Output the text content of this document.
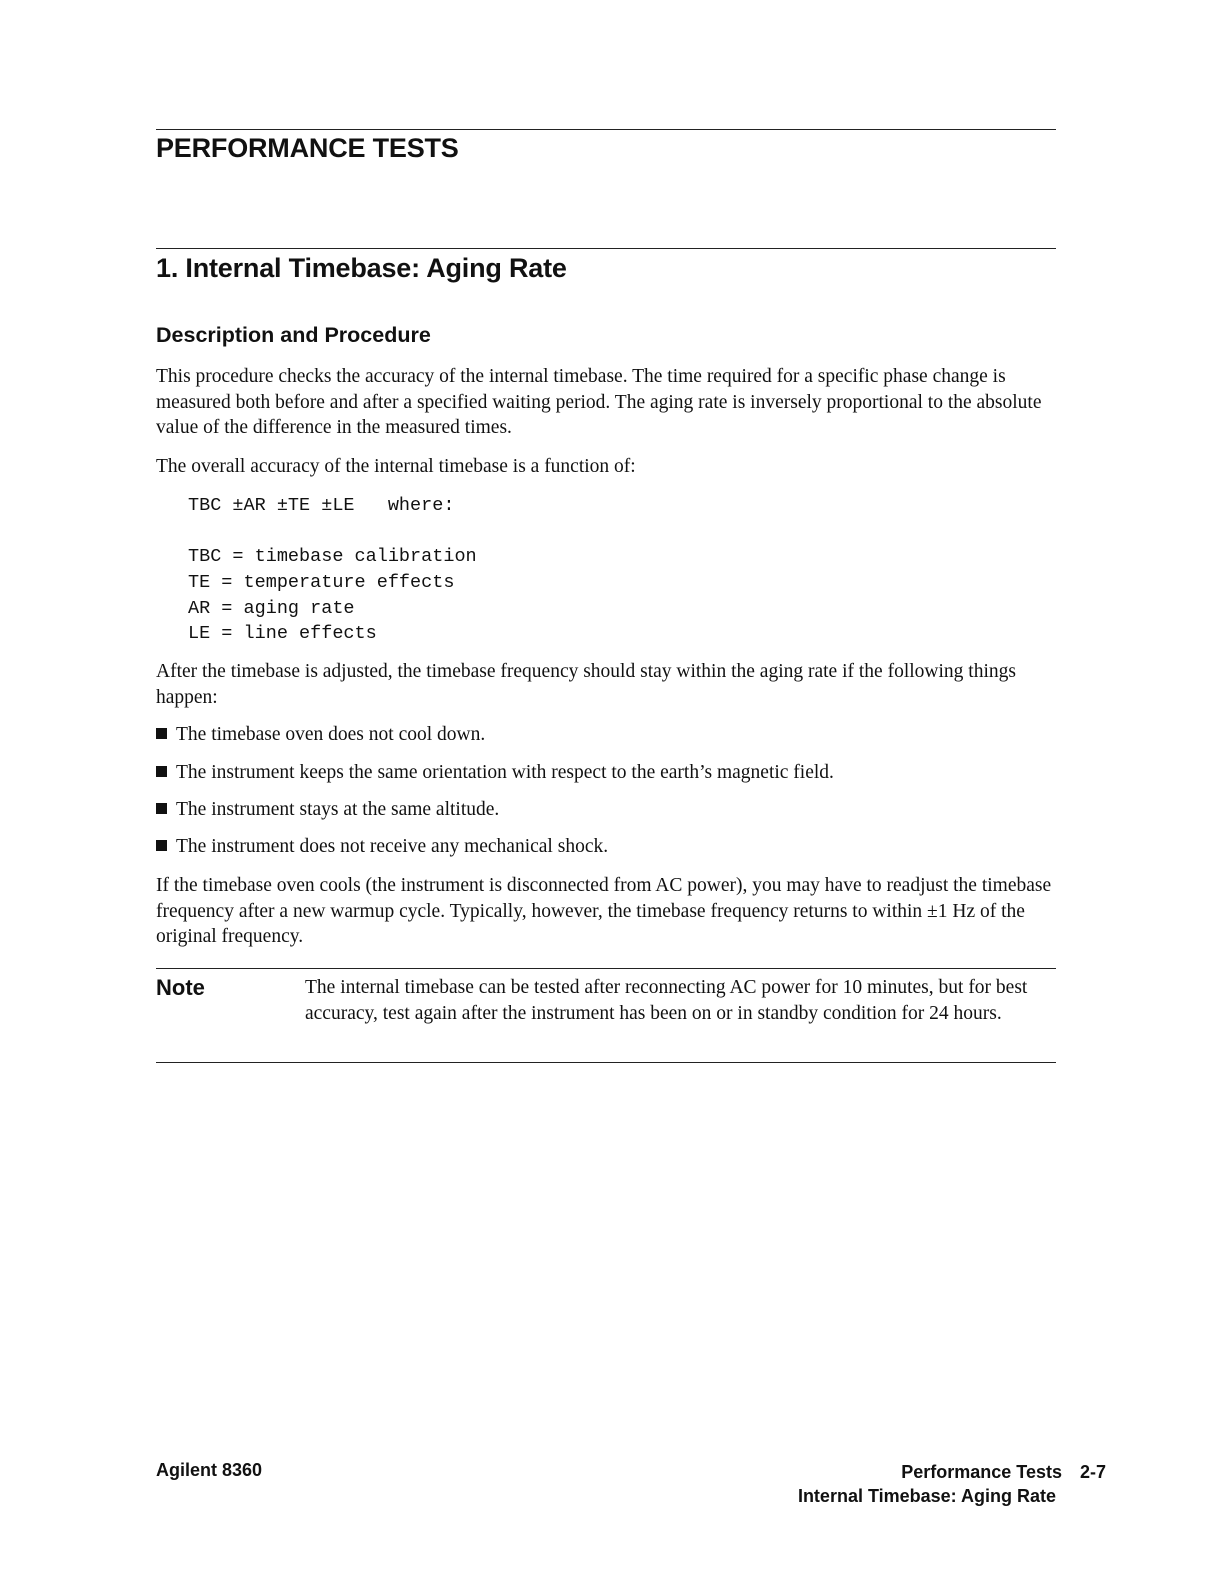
PERFORMANCE TESTS
1. Internal Timebase: Aging Rate
Description and Procedure
This procedure checks the accuracy of the internal timebase. The time required for a specific phase change is measured both before and after a specified waiting period. The aging rate is inversely proportional to the absolute value of the difference in the measured times.
The overall accuracy of the internal timebase is a function of:
TBC ±AR ±TE ±LE   where:
TBC = timebase calibration
TE = temperature effects
AR = aging rate
LE = line effects
After the timebase is adjusted, the timebase frequency should stay within the aging rate if the following things happen:
The timebase oven does not cool down.
The instrument keeps the same orientation with respect to the earth’s magnetic field.
The instrument stays at the same altitude.
The instrument does not receive any mechanical shock.
If the timebase oven cools (the instrument is disconnected from AC power), you may have to readjust the timebase frequency after a new warmup cycle. Typically, however, the timebase frequency returns to within ±1 Hz of the original frequency.
Note	The internal timebase can be tested after reconnecting AC power for 10 minutes, but for best accuracy, test again after the instrument has been on or in standby condition for 24 hours.
Agilent 8360	Performance Tests 2-7
Internal Timebase: Aging Rate
